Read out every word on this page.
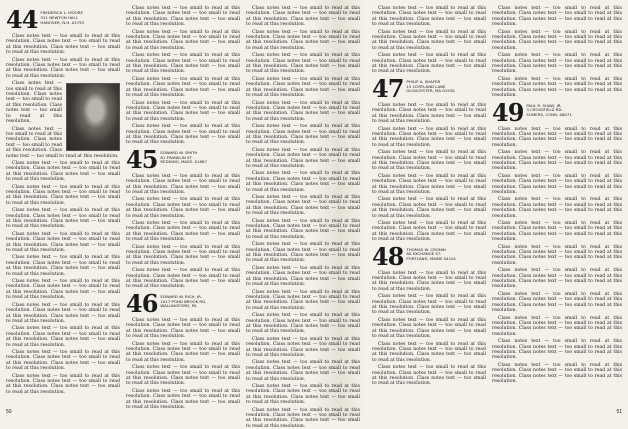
44 FREDERICK L. MOORE
311 NEWTON HALL
HANOVER, N.H. 03755

Class notes text — too small to read at this resolution. Class notes text — too small to read at this resolution. Class notes text — too small to read at this resolution.

Class notes text — too small to read at this resolution. Class notes text — too small to read at this resolution. Class notes text — too small to read at this resolution.

Class notes text — too small to read at this resolution. Class notes text — too small to read at this resolution. Class notes text — too small to read at this resolution.

Class notes text — too small to read at this resolution. Class notes text — too small to read at this resolution. Class notes text — too small to read at this resolution.

Class notes text — too small to read at this resolution. Class notes text — too small to read at this resolution. Class notes text — too small to read at this resolution.

Class notes text — too small to read at this resolution. Class notes text — too small to read at this resolution. Class notes text — too small to read at this resolution.

Class notes text — too small to read at this resolution. Class notes text — too small to read at this resolution. Class notes text — too small to read at this resolution.

Class notes text — too small to read at this resolution. Class notes text — too small to read at this resolution. Class notes text — too small to read at this resolution.

Class notes text — too small to read at this resolution. Class notes text — too small to read at this resolution. Class notes text — too small to read at this resolution.

Class notes text — too small to read at this resolution. Class notes text — too small to read at this resolution. Class notes text — too small to read at this resolution.

Class notes text — too small to read at this resolution. Class notes text — too small to read at this resolution. Class notes text — too small to read at this resolution.

Class notes text — too small to read at this resolution. Class notes text — too small to read at this resolution. Class notes text — too small to read at this resolution.

Class notes text — too small to read at this resolution. Class notes text — too small to read at this resolution. Class notes text — too small to read at this resolution.

Class notes text — too small to read at this resolution. Class notes text — too small to read at this resolution. Class notes text — too small to read at this resolution.

Class notes text — too small to read at this resolution. Class notes text — too small to read at this resolution. Class notes text — too small to read at this resolution.

Class notes text — too small to read at this resolution. Class notes text — too small to read at this resolution. Class notes text — too small to read at this resolution.

Class notes text — too small to read at this resolution. Class notes text — too small to read at this resolution. Class notes text — too small to read at this resolution.

Class notes text — too small to read at this resolution. Class notes text — too small to read at this resolution. Class notes text — too small to read at this resolution.

Class notes text — too small to read at this resolution. Class notes text — too small to read at this resolution. Class notes text — too small to read at this resolution.

Class notes text — too small to read at this resolution. Class notes text — too small to read at this resolution. Class notes text — too small to read at this resolution.

45 EDWARD W. SMITH
81 FRANKLIN ST.
REDDING, MASS. 01867

Class notes text — too small to read at this resolution. Class notes text — too small to read at this resolution. Class notes text — too small to read at this resolution.

Class notes text — too small to read at this resolution. Class notes text — too small to read at this resolution. Class notes text — too small to read at this resolution.

Class notes text — too small to read at this resolution. Class notes text — too small to read at this resolution. Class notes text — too small to read at this resolution.

Class notes text — too small to read at this resolution. Class notes text — too small to read at this resolution. Class notes text — too small to read at this resolution.

Class notes text — too small to read at this resolution. Class notes text — too small to read at this resolution. Class notes text — too small to read at this resolution.

46 EDWARD W. RICH, JR.
1017 POND BROOK RD.
WALLINGFORD, PA.

Class notes text — too small to read at this resolution. Class notes text — too small to read at this resolution. Class notes text — too small to read at this resolution.

Class notes text — too small to read at this resolution. Class notes text — too small to read at this resolution. Class notes text — too small to read at this resolution.

Class notes text — too small to read at this resolution. Class notes text — too small to read at this resolution. Class notes text — too small to read at this resolution.

Class notes text — too small to read at this resolution. Class notes text — too small to read at this resolution. Class notes text — too small to read at this resolution.

Class notes text — too small to read at this resolution. Class notes text — too small to read at this resolution. Class notes text — too small to read at this resolution.

Class notes text — too small to read at this resolution. Class notes text — too small to read at this resolution. Class notes text — too small to read at this resolution.

Class notes text — too small to read at this resolution. Class notes text — too small to read at this resolution. Class notes text — too small to read at this resolution.

Class notes text — too small to read at this resolution. Class notes text — too small to read at this resolution. Class notes text — too small to read at this resolution.

Class notes text — too small to read at this resolution. Class notes text — too small to read at this resolution. Class notes text — too small to read at this resolution.

Class notes text — too small to read at this resolution. Class notes text — too small to read at this resolution. Class notes text — too small to read at this resolution.

Class notes text — too small to read at this resolution. Class notes text — too small to read at this resolution. Class notes text — too small to read at this resolution.

Class notes text — too small to read at this resolution. Class notes text — too small to read at this resolution. Class notes text — too small to read at this resolution.

Class notes text — too small to read at this resolution. Class notes text — too small to read at this resolution. Class notes text — too small to read at this resolution.

Class notes text — too small to read at this resolution. Class notes text — too small to read at this resolution. Class notes text — too small to read at this resolution.

Class notes text — too small to read at this resolution. Class notes text — too small to read at this resolution. Class notes text — too small to read at this resolution.

Class notes text — too small to read at this resolution. Class notes text — too small to read at this resolution. Class notes text — too small to read at this resolution.

Class notes text — too small to read at this resolution. Class notes text — too small to read at this resolution. Class notes text — too small to read at this resolution.

Class notes text — too small to read at this resolution. Class notes text — too small to read at this resolution. Class notes text — too small to read at this resolution.

Class notes text — too small to read at this resolution. Class notes text — too small to read at this resolution. Class notes text — too small to read at this resolution.

Class notes text — too small to read at this resolution. Class notes text — too small to read at this resolution. Class notes text — too small to read at this resolution.

Class notes text — too small to read at this resolution. Class notes text — too small to read at this resolution. Class notes text — too small to read at this resolution.

Class notes text — too small to read at this resolution. Class notes text — too small to read at this resolution. Class notes text — too small to read at this resolution.

Class notes text — too small to read at this resolution. Class notes text — too small to read at this resolution. Class notes text — too small to read at this resolution.

Class notes text — too small to read at this resolution. Class notes text — too small to read at this resolution. Class notes text — too small to read at this resolution.

Class notes text — too small to read at this resolution. Class notes text — too small to read at this resolution. Class notes text — too small to read at this resolution.

47 PHILIP A. SHAFER
15 CORTLAND LANE
GLOUCESTER, MA 01930

Class notes text — too small to read at this resolution. Class notes text — too small to read at this resolution. Class notes text — too small to read at this resolution.

Class notes text — too small to read at this resolution. Class notes text — too small to read at this resolution. Class notes text — too small to read at this resolution.

Class notes text — too small to read at this resolution. Class notes text — too small to read at this resolution. Class notes text — too small to read at this resolution.

Class notes text — too small to read at this resolution. Class notes text — too small to read at this resolution. Class notes text — too small to read at this resolution.

Class notes text — too small to read at this resolution. Class notes text — too small to read at this resolution. Class notes text — too small to read at this resolution.

Class notes text — too small to read at this resolution. Class notes text — too small to read at this resolution. Class notes text — too small to read at this resolution.

48 THOMAS W. CRONIN
80 EXCHANGE ST.
PORTLAND, MAINE 04101

Class notes text — too small to read at this resolution. Class notes text — too small to read at this resolution. Class notes text — too small to read at this resolution.

Class notes text — too small to read at this resolution. Class notes text — too small to read at this resolution. Class notes text — too small to read at this resolution.

Class notes text — too small to read at this resolution. Class notes text — too small to read at this resolution. Class notes text — too small to read at this resolution.

Class notes text — too small to read at this resolution. Class notes text — too small to read at this resolution. Class notes text — too small to read at this resolution.

Class notes text — too small to read at this resolution. Class notes text — too small to read at this resolution. Class notes text — too small to read at this resolution.

Class notes text — too small to read at this resolution. Class notes text — too small to read at this resolution. Class notes text — too small to read at this resolution.

Class notes text — too small to read at this resolution. Class notes text — too small to read at this resolution. Class notes text — too small to read at this resolution.

Class notes text — too small to read at this resolution. Class notes text — too small to read at this resolution. Class notes text — too small to read at this resolution.

Class notes text — too small to read at this resolution. Class notes text — too small to read at this resolution. Class notes text — too small to read at this resolution.

49 PAUL R. SHAW, JR.
3 CROSSFIELD RD.
SOMERS, CONN. 06071

Class notes text — too small to read at this resolution. Class notes text — too small to read at this resolution. Class notes text — too small to read at this resolution.

Class notes text — too small to read at this resolution. Class notes text — too small to read at this resolution. Class notes text — too small to read at this resolution.

Class notes text — too small to read at this resolution. Class notes text — too small to read at this resolution. Class notes text — too small to read at this resolution.

Class notes text — too small to read at this resolution. Class notes text — too small to read at this resolution. Class notes text — too small to read at this resolution.

Class notes text — too small to read at this resolution. Class notes text — too small to read at this resolution. Class notes text — too small to read at this resolution.

Class notes text — too small to read at this resolution. Class notes text — too small to read at this resolution. Class notes text — too small to read at this resolution.

Class notes text — too small to read at this resolution. Class notes text — too small to read at this resolution. Class notes text — too small to read at this resolution.

Class notes text — too small to read at this resolution. Class notes text — too small to read at this resolution. Class notes text — too small to read at this resolution.

Class notes text — too small to read at this resolution. Class notes text — too small to read at this resolution. Class notes text — too small to read at this resolution.

Class notes text — too small to read at this resolution. Class notes text — too small to read at this resolution. Class notes text — too small to read at this resolution.

Class notes text — too small to read at this resolution. Class notes text — too small to read at this resolution. Class notes text — too small to read at this resolution.

50	51
